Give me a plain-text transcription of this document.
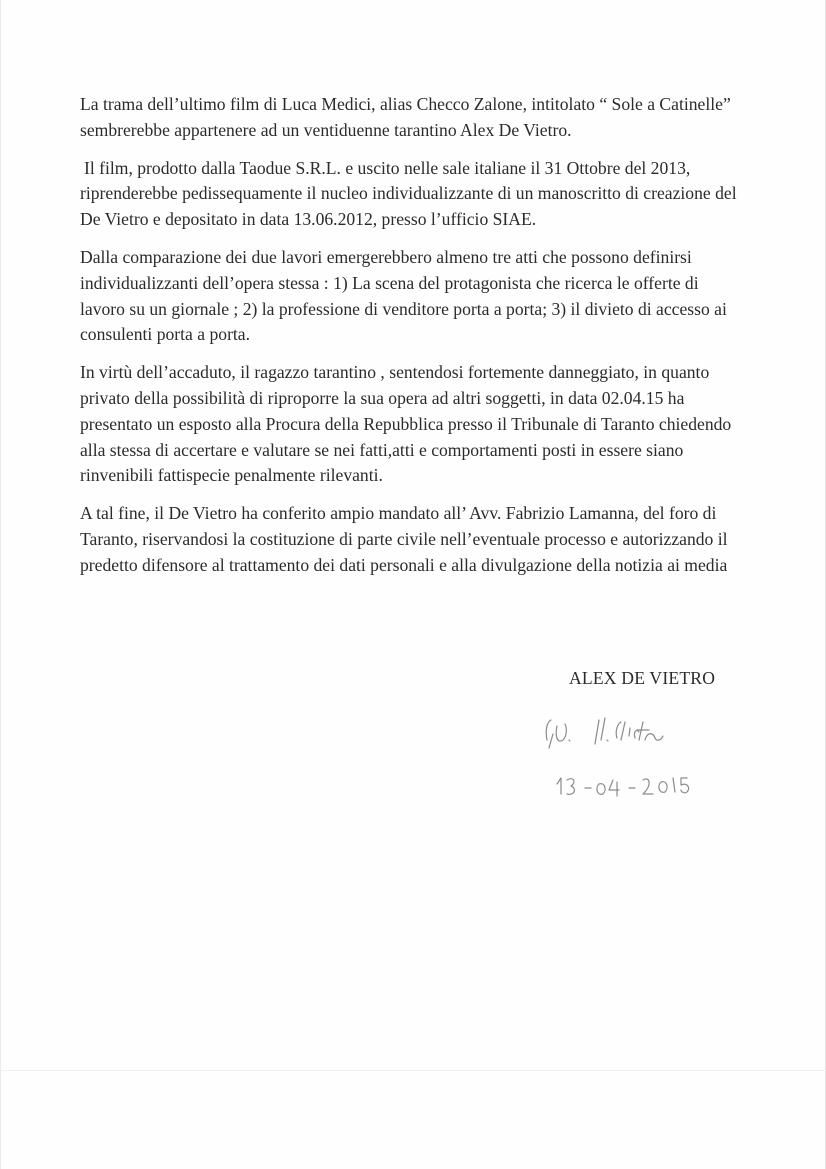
La trama dell’ultimo film di Luca Medici, alias Checco Zalone, intitolato “ Sole a Catinelle” sembrerebbe appartenere ad un ventiduenne tarantino Alex De Vietro.

Il film, prodotto dalla Taodue S.R.L. e uscito nelle sale italiane il 31 Ottobre del 2013, riprenderebbe pedissequamente il nucleo individualizzante di un manoscritto di creazione del De Vietro e depositato in data 13.06.2012, presso l’ufficio SIAE.

Dalla comparazione dei due lavori emergerebbero almeno tre atti che possono definirsi individualizzanti dell’opera stessa : 1) La scena del protagonista che ricerca le offerte di lavoro su un giornale ; 2) la professione di venditore porta a porta; 3) il divieto di accesso ai consulenti porta a porta.

In virtù dell’accaduto, il ragazzo tarantino , sentendosi fortemente danneggiato, in quanto privato della possibilità di riproporre la sua opera ad altri soggetti, in data 02.04.15 ha presentato un esposto alla Procura della Repubblica presso il Tribunale di Taranto chiedendo alla stessa di accertare e valutare se nei fatti,atti e comportamenti posti in essere siano rinvenibili fattispecie penalmente rilevanti.

A tal fine, il De Vietro ha conferito ampio mandato all’ Avv. Fabrizio Lamanna, del foro di Taranto, riservandosi la costituzione di parte civile nell’eventuale processo e autorizzando il predetto difensore al trattamento dei dati personali e alla divulgazione della notizia ai media

ALEX DE VIETRO
